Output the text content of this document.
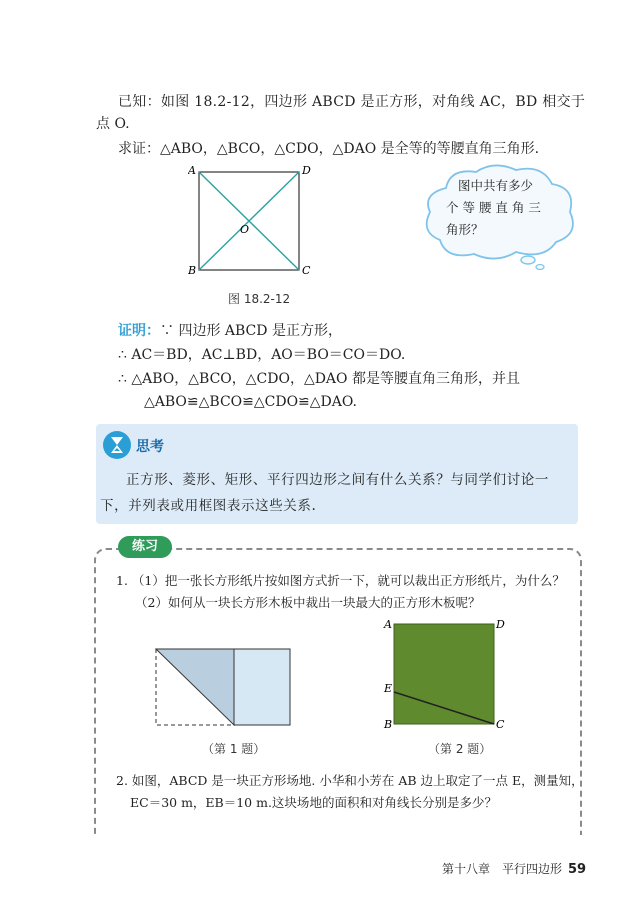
已知：如图 18.2-12，四边形 ABCD 是正方形，对角线 AC，BD 相交于
点 O.
求证：△ABO，△BCO，△CDO，△DAO 是全等的等腰直角三角形.
A	D
B	C
O
图 18.2-12
图中共有多少
个 等 腰 直 角 三
角形？
证明：∵ 四边形 ABCD 是正方形，
∴ AC＝BD，AC⊥BD，AO＝BO＝CO＝DO.
∴ △ABO，△BCO，△CDO，△DAO 都是等腰直角三角形，并且
△ABO≌△BCO≌△CDO≌△DAO.
思考
正方形、菱形、矩形、平行四边形之间有什么关系？与同学们讨论一
下，并列表或用框图表示这些关系.
练习
1. （1）把一张长方形纸片按如图方式折一下，就可以裁出正方形纸片，为什么？
（2）如何从一块长方形木板中裁出一块最大的正方形木板呢？
（第 1 题）
A	D
E
B	C
（第 2 题）
2. 如图，ABCD 是一块正方形场地. 小华和小芳在 AB 边上取定了一点 E，测量知，
EC＝30 m，EB＝10 m.这块场地的面积和对角线长分别是多少？
第十八章　平行四边形 59
